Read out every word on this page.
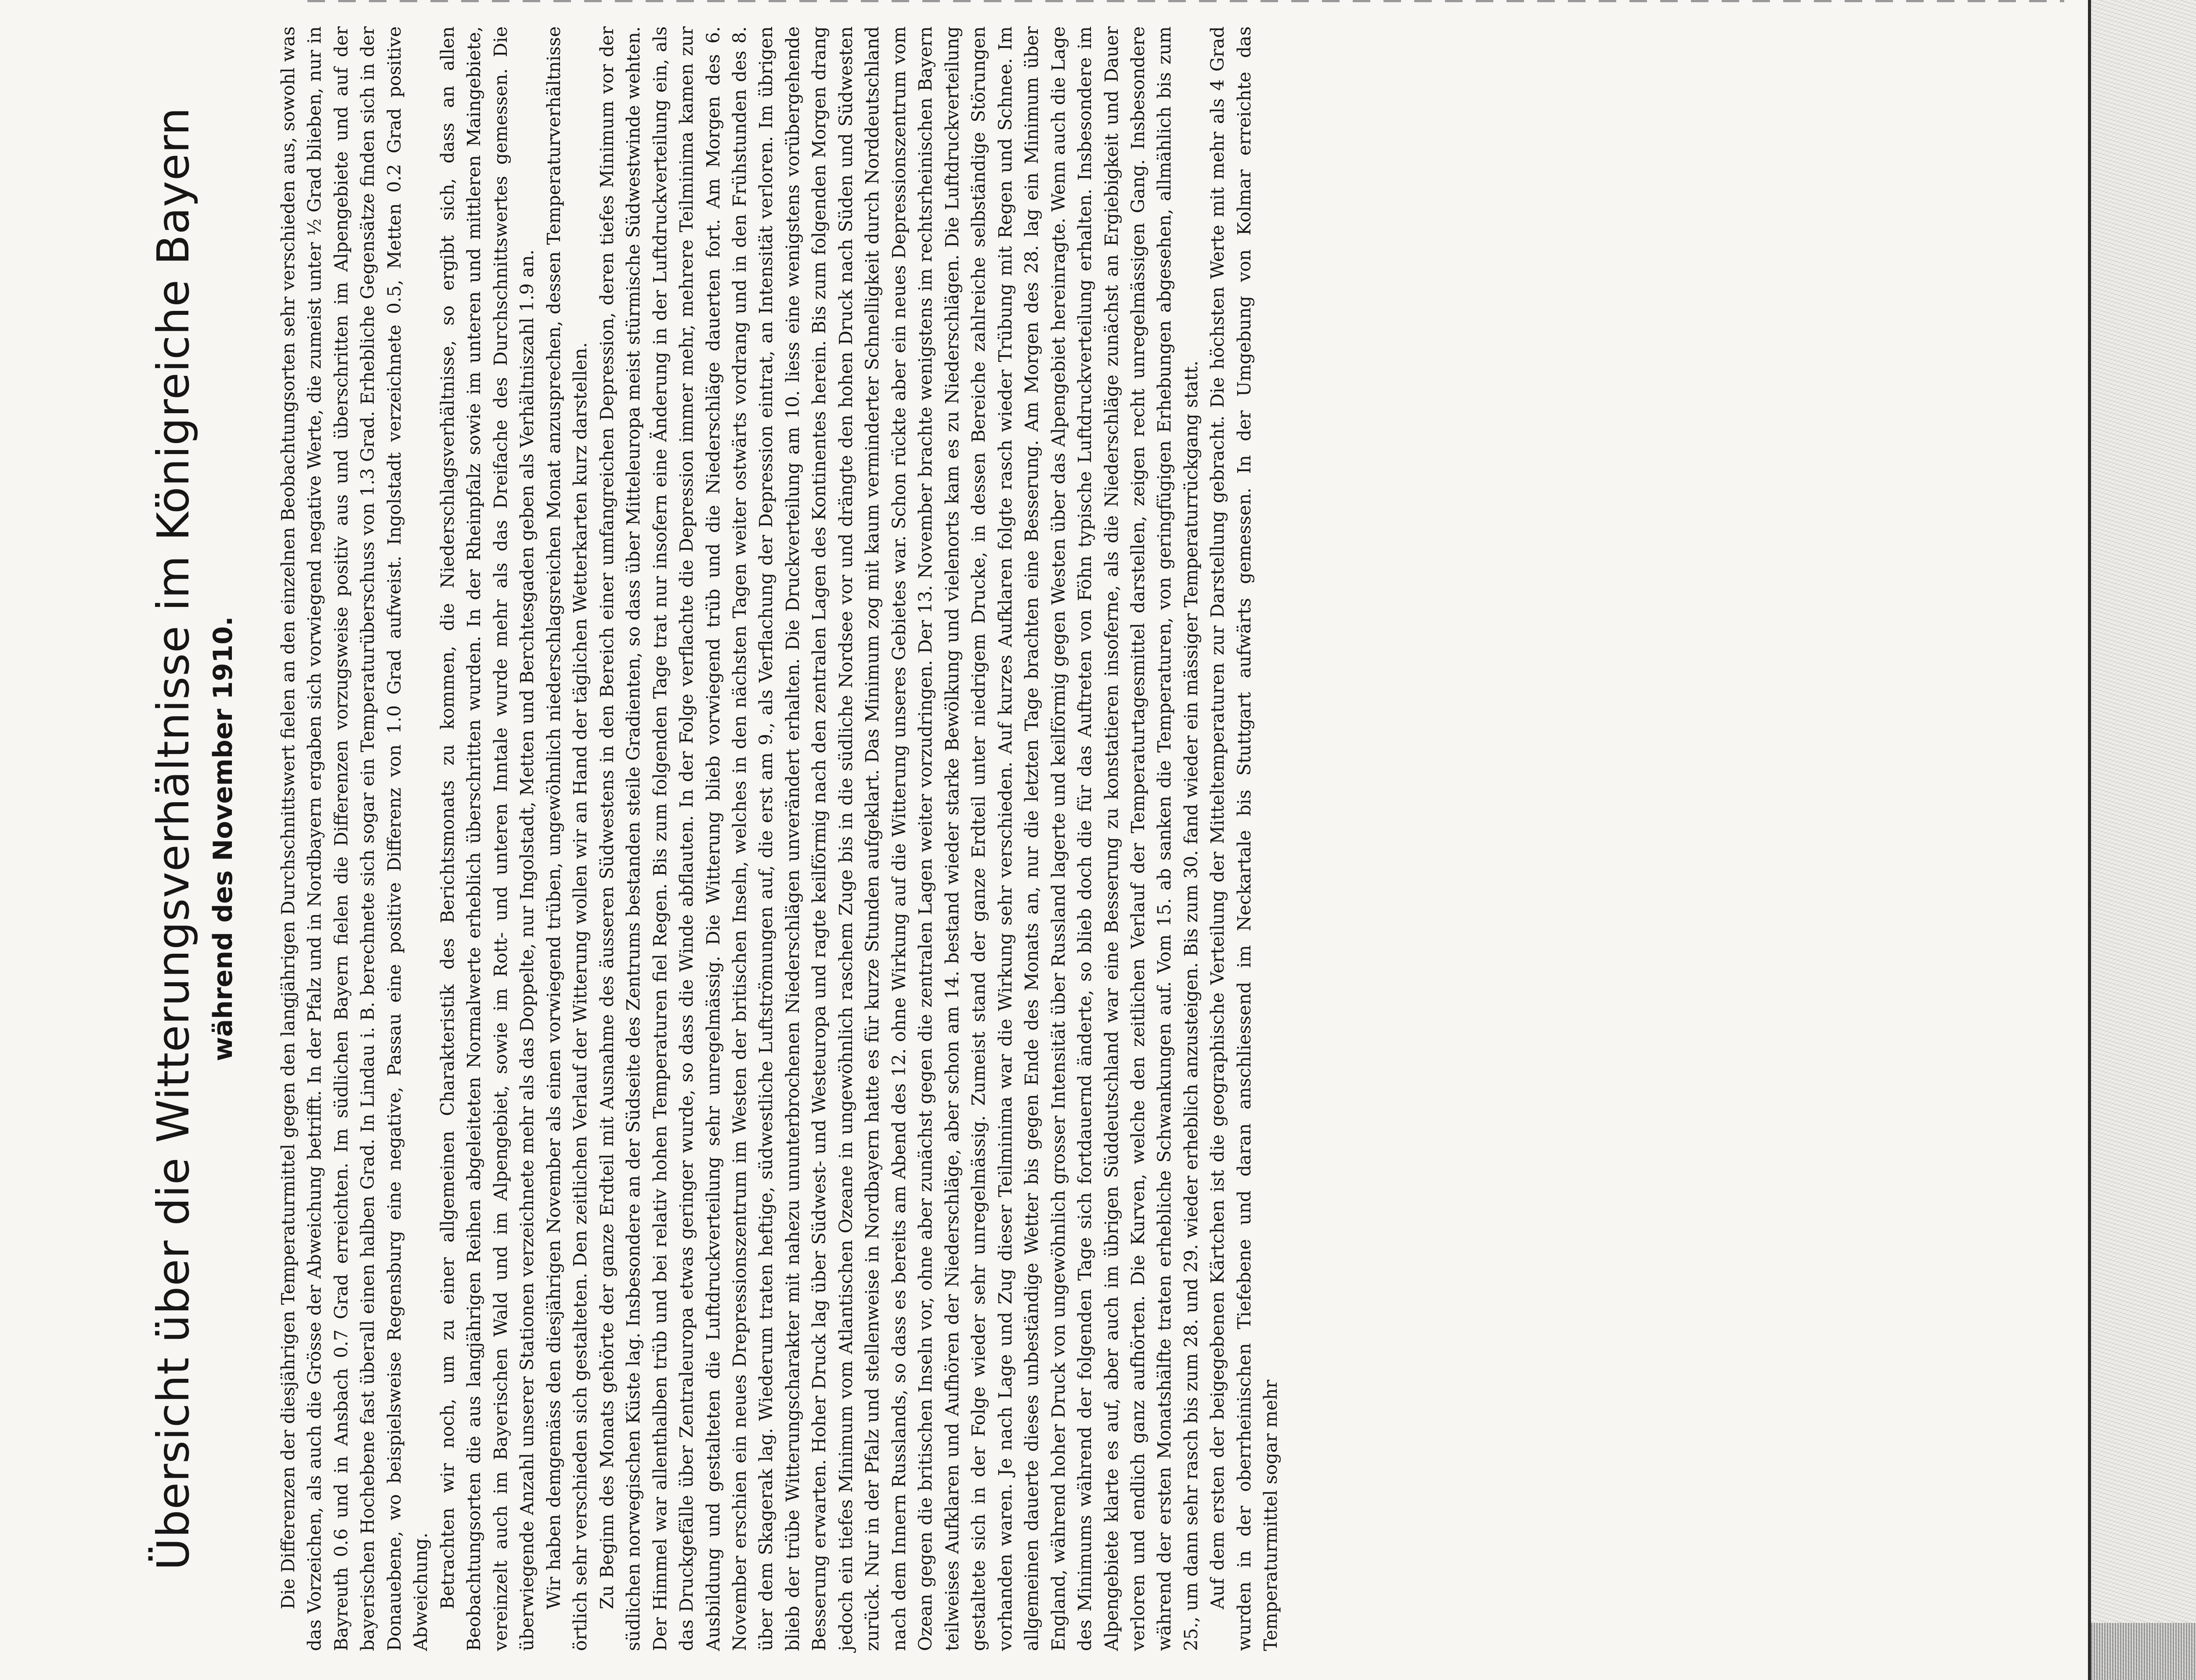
Übersicht über die Witterungsverhältnisse im Königreiche Bayern während des November 1910. Die Differenzen der diesjährigen Temperaturmittel gegen den langjährigen Durchschnittswert fielen an den einzelnen Beobachtungsorten sehr verschieden aus, sowohl was das Vorzeichen, als auch die Grösse der Abweichung betrifft. In der Pfalz und in Nordbayern ergaben sich vorwiegend negative Werte, die zumeist unter ½ Grad blieben, nur in Bayreuth 0.6 und in Ansbach 0.7 Grad erreichten. Im südlichen Bayern fielen die Differenzen vorzugsweise positiv aus und überschritten im Alpengebiete und auf der bayerischen Hochebene fast überall einen halben Grad. In Lindau i. B. berechnete sich sogar ein Temperaturüberschuss von 1.3 Grad. Erhebliche Gegensätze finden sich in der Donauebene, wo beispielsweise Regensburg eine negative, Passau eine positive Differenz von 1.0 Grad aufweist. Ingolstadt verzeichnete 0.5, Metten 0.2 Grad positive Abweichung. Betrachten wir noch, um zu einer allgemeinen Charakteristik des Berichtsmonats zu kommen, die Niederschlagsverhältnisse, so ergibt sich, dass an allen Beobachtungsorten die aus langjährigen Reihen abgeleiteten Normalwerte erheblich überschritten wurden. In der Rheinpfalz sowie im unteren und mittleren Maingebiete, vereinzelt auch im Bayerischen Wald und im Alpengebiet, sowie im Rott- und unteren Inntale wurde mehr als das Dreifache des Durchschnittswertes gemessen. Die überwiegende Anzahl unserer Stationen verzeichnete mehr als das Doppelte, nur Ingolstadt, Metten und Berchtesgaden geben als Verhältniszahl 1.9 an. Wir haben demgemäss den diesjährigen November als einen vorwiegend trüben, ungewöhnlich niederschlagsreichen Monat anzusprechen, dessen Temperaturverhältnisse örtlich sehr verschieden sich gestalteten. Den zeitlichen Verlauf der Witterung wollen wir an Hand der täglichen Wetterkarten kurz darstellen. Zu Beginn des Monats gehörte der ganze Erdteil mit Ausnahme des äusseren Südwestens in den Bereich einer umfangreichen Depression, deren tiefes Minimum vor der südlichen norwegischen Küste lag. Insbesondere an der Südseite des Zentrums bestanden steile Gradienten, so dass über Mitteleuropa meist stürmische Südwestwinde wehten. Der Himmel war allenthalben trüb und bei relativ hohen Temperaturen fiel Regen. Bis zum folgenden Tage trat nur insofern eine Änderung in der Luftdruckverteilung ein, als das Druckgefälle über Zentraleuropa etwas geringer wurde, so dass die Winde abflauten. In der Folge verflachte die Depression immer mehr, mehrere Teilminima kamen zur Ausbildung und gestalteten die Luftdruckverteilung sehr unregelmässig. Die Witterung blieb vorwiegend trüb und die Niederschläge dauerten fort. Am Morgen des 6. November erschien ein neues Drepressionszentrum im Westen der britischen Inseln, welches in den nächsten Tagen weiter ostwärts vordrang und in den Frühstunden des 8. über dem Skagerak lag. Wiederum traten heftige, südwestliche Luftströmungen auf, die erst am 9., als Verflachung der Depression eintrat, an Intensität verloren. Im übrigen blieb der trübe Witterungscharakter mit nahezu ununterbrochenen Niederschlägen unverändert erhalten. Die Druckverteilung am 10. liess eine wenigstens vorübergehende Besserung erwarten. Hoher Druck lag über Südwest- und Westeuropa und ragte keilförmig nach den zentralen Lagen des Kontinentes herein. Bis zum folgenden Morgen drang jedoch ein tiefes Minimum vom Atlantischen Ozeane in ungewöhnlich raschem Zuge bis in die südliche Nordsee vor und drängte den hohen Druck nach Süden und Südwesten zurück. Nur in der Pfalz und stellenweise in Nordbayern hatte es für kurze Stunden aufgeklart. Das Minimum zog mit kaum verminderter Schnelligkeit durch Norddeutschland nach dem Innern Russlands, so dass es bereits am Abend des 12. ohne Wirkung auf die Witterung unseres Gebietes war. Schon rückte aber ein neues Depressionszentrum vom Ozean gegen die britischen Inseln vor, ohne aber zunächst gegen die zentralen Lagen weiter vorzudringen. Der 13. November brachte wenigstens im rechtsrheinischen Bayern teilweises Aufklaren und Aufhören der Niederschläge, aber schon am 14. bestand wieder starke Bewölkung und vielenorts kam es zu Niederschlägen. Die Luftdruckverteilung gestaltete sich in der Folge wieder sehr unregelmässig. Zumeist stand der ganze Erdteil unter niedrigem Drucke, in dessen Bereiche zahlreiche selbständige Störungen vorhanden waren. Je nach Lage und Zug dieser Teilminima war die Wirkung sehr verschieden. Auf kurzes Aufklaren folgte rasch wieder Trübung mit Regen und Schnee. Im allgemeinen dauerte dieses unbeständige Wetter bis gegen Ende des Monats an, nur die letzten Tage brachten eine Besserung. Am Morgen des 28. lag ein Minimum über England, während hoher Druck von ungewöhnlich grosser Intensität über Russland lagerte und keilförmig gegen Westen über das Alpengebiet hereinragte. Wenn auch die Lage des Minimums während der folgenden Tage sich fortdauernd änderte, so blieb doch die für das Auftreten von Föhn typische Luftdruckverteilung erhalten. Insbesondere im Alpengebiete klarte es auf, aber auch im übrigen Süddeutschland war eine Besserung zu konstatieren insoferne, als die Niederschläge zunächst an Ergiebigkeit und Dauer verloren und endlich ganz aufhörten. Die Kurven, welche den zeitlichen Verlauf der Temperaturtagesmittel darstellen, zeigen recht unregelmässigen Gang. Insbesondere während der ersten Monatshälfte traten erhebliche Schwankungen auf. Vom 15. ab sanken die Temperaturen, von geringfügigen Erhebungen abgesehen, allmählich bis zum 25., um dann sehr rasch bis zum 28. und 29. wieder erheblich anzusteigen. Bis zum 30. fand wieder ein mässiger Temperaturrückgang statt. Auf dem ersten der beigegebenen Kärtchen ist die geographische Verteilung der Mitteltemperaturen zur Darstellung gebracht. Die höchsten Werte mit mehr als 4 Grad wurden in der oberrheinischen Tiefebene und daran anschliessend im Neckartale bis Stuttgart aufwärts gemessen. In der Umgebung von Kolmar erreichte das Temperaturmittel sogar mehr
